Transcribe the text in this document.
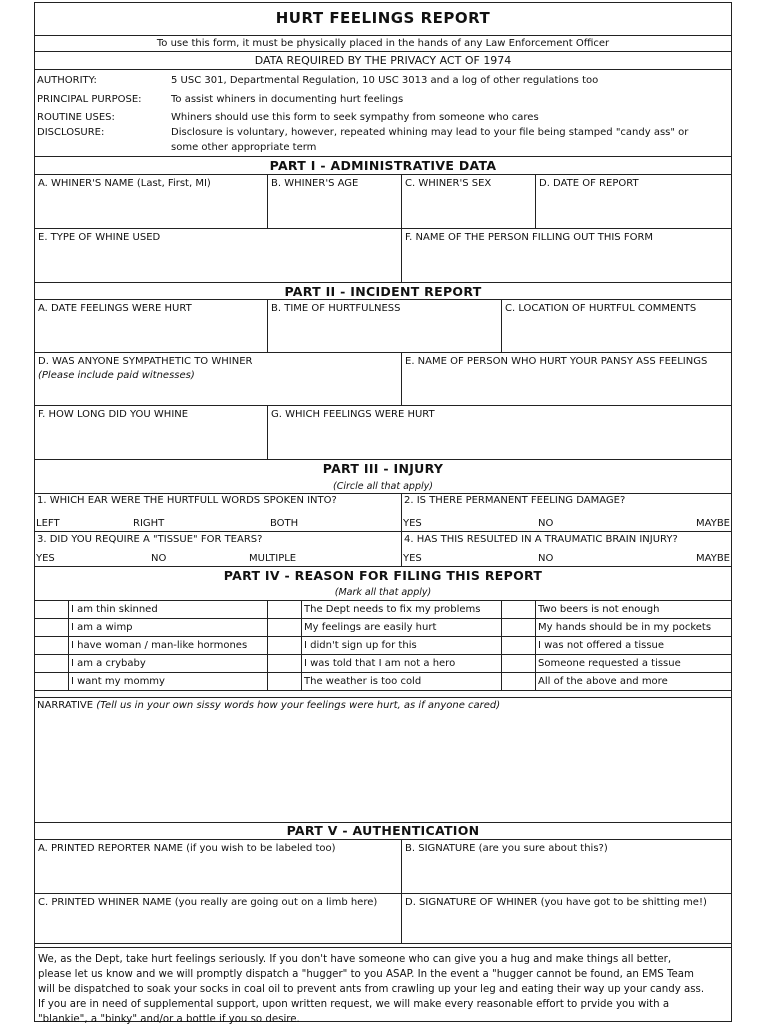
HURT FEELINGS REPORT
To use this form, it must be physically placed in the hands of any Law Enforcement Officer
DATA REQUIRED BY THE PRIVACY ACT OF 1974
AUTHORITY:	5 USC 301, Departmental Regulation, 10 USC 3013 and a log of other regulations too
PRINCIPAL PURPOSE:	To assist whiners in documenting hurt feelings
ROUTINE USES:	Whiners should use this form to seek sympathy from someone who cares
DISCLOSURE:	Disclosure is voluntary, however, repeated whining may lead to your file being stamped "candy ass" or
some other appropriate term
PART I - ADMINISTRATIVE DATA
A. WHINER'S NAME (Last, First, MI)	B. WHINER'S AGE	C. WHINER'S SEX	D. DATE OF REPORT
E. TYPE OF WHINE USED	F. NAME OF THE PERSON FILLING OUT THIS FORM
PART II - INCIDENT REPORT
A. DATE FEELINGS WERE HURT	B. TIME OF HURTFULNESS	C. LOCATION OF HURTFUL COMMENTS
D. WAS ANYONE SYMPATHETIC TO WHINER
(Please include paid witnesses)
E. NAME OF PERSON WHO HURT YOUR PANSY ASS FEELINGS
F. HOW LONG DID YOU WHINE	G. WHICH FEELINGS WERE HURT
PART III - INJURY
(Circle all that apply)
1. WHICH EAR WERE THE HURTFULL WORDS SPOKEN INTO?
LEFT	RIGHT	BOTH
2. IS THERE PERMANENT FEELING DAMAGE?
YES	NO	MAYBE
3. DID YOU REQUIRE A "TISSUE" FOR TEARS?
YES	NO	MULTIPLE
4. HAS THIS RESULTED IN A TRAUMATIC BRAIN INJURY?
YES	NO	MAYBE
PART IV - REASON FOR FILING THIS REPORT
(Mark all that apply)
I am thin skinned	The Dept needs to fix my problems	Two beers is not enough
I am a wimp	My feelings are easily hurt	My hands should be in my pockets
I have woman / man-like hormones	I didn't sign up for this	I was not offered a tissue
I am a crybaby	I was told that I am not a hero	Someone requested a tissue
I want my mommy	The weather is too cold	All of the above and more
NARRATIVE (Tell us in your own sissy words how your feelings were hurt, as if anyone cared)
PART V - AUTHENTICATION
A. PRINTED REPORTER NAME (if you wish to be labeled too)	B. SIGNATURE (are you sure about this?)
C. PRINTED WHINER NAME (you really are going out on a limb here)	D. SIGNATURE OF WHINER (you have got to be shitting me!)
We, as the Dept, take hurt feelings seriously. If you don't have someone who can give you a hug and make things all better,
please let us know and we will promptly dispatch a "hugger" to you ASAP. In the event a "hugger cannot be found, an EMS Team
will be dispatched to soak your socks in coal oil to prevent ants from crawling up your leg and eating their way up your candy ass.
If you are in need of supplemental support, upon written request, we will make every reasonable effort to prvide you with a
"blankie", a "binky" and/or a bottle if you so desire.
